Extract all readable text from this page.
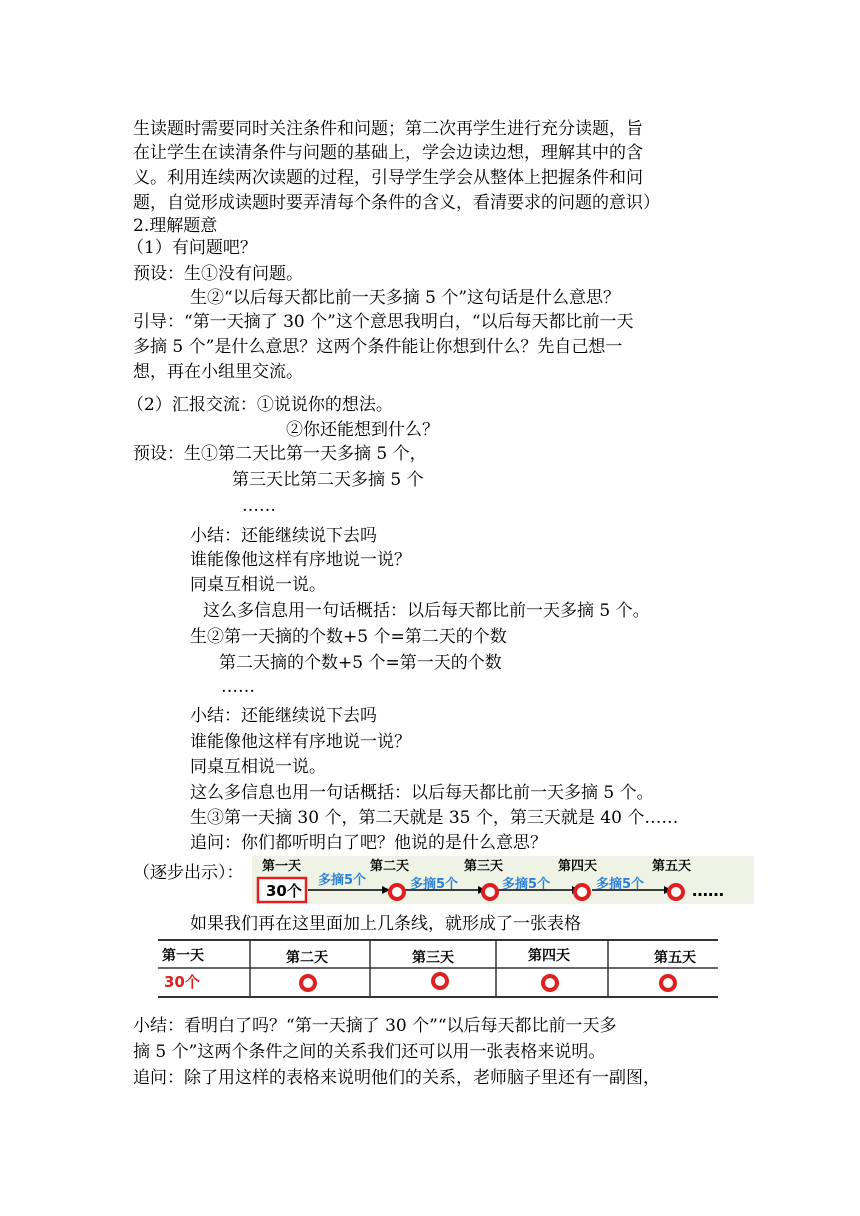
生读题时需要同时关注条件和问题；第二次再学生进行充分读题，旨
在让学生在读清条件与问题的基础上，学会边读边想，理解其中的含
义。利用连续两次读题的过程，引导学生学会从整体上把握条件和问
题，自觉形成读题时要弄清每个条件的含义，看清要求的问题的意识）
2.理解题意
（1）有问题吧？
预设：生①没有问题。
生②“以后每天都比前一天多摘 5 个”这句话是什么意思？
引导：“第一天摘了 30 个”这个意思我明白，“以后每天都比前一天
多摘 5 个”是什么意思？这两个条件能让你想到什么？先自己想一
想，再在小组里交流。
（2）汇报交流：①说说你的想法。
②你还能想到什么？
预设：生①第二天比第一天多摘 5 个，
第三天比第二天多摘 5 个
……
小结：还能继续说下去吗
谁能像他这样有序地说一说？
同桌互相说一说。
这么多信息用一句话概括：以后每天都比前一天多摘 5 个。
生②第一天摘的个数+5 个=第二天的个数
第二天摘的个数+5 个=第一天的个数
……
小结：还能继续说下去吗
谁能像他这样有序地说一说？
同桌互相说一说。
这么多信息也用一句话概括：以后每天都比前一天多摘 5 个。
生③第一天摘 30 个，第二天就是 35 个，第三天就是 40 个……
追问：你们都听明白了吧？他说的是什么意思？
（逐步出示）： 第一天	第二天	第三天	第四天	第五天
30个
多摘5个	多摘5个	多摘5个	多摘5个	……
如果我们再在这里面加上几条线，就形成了一张表格
第一天	第二天	第三天	第四天	第五天
30个
小结：看明白了吗？“第一天摘了 30 个”“以后每天都比前一天多
摘 5 个”这两个条件之间的关系我们还可以用一张表格来说明。
追问：除了用这样的表格来说明他们的关系，老师脑子里还有一副图，
